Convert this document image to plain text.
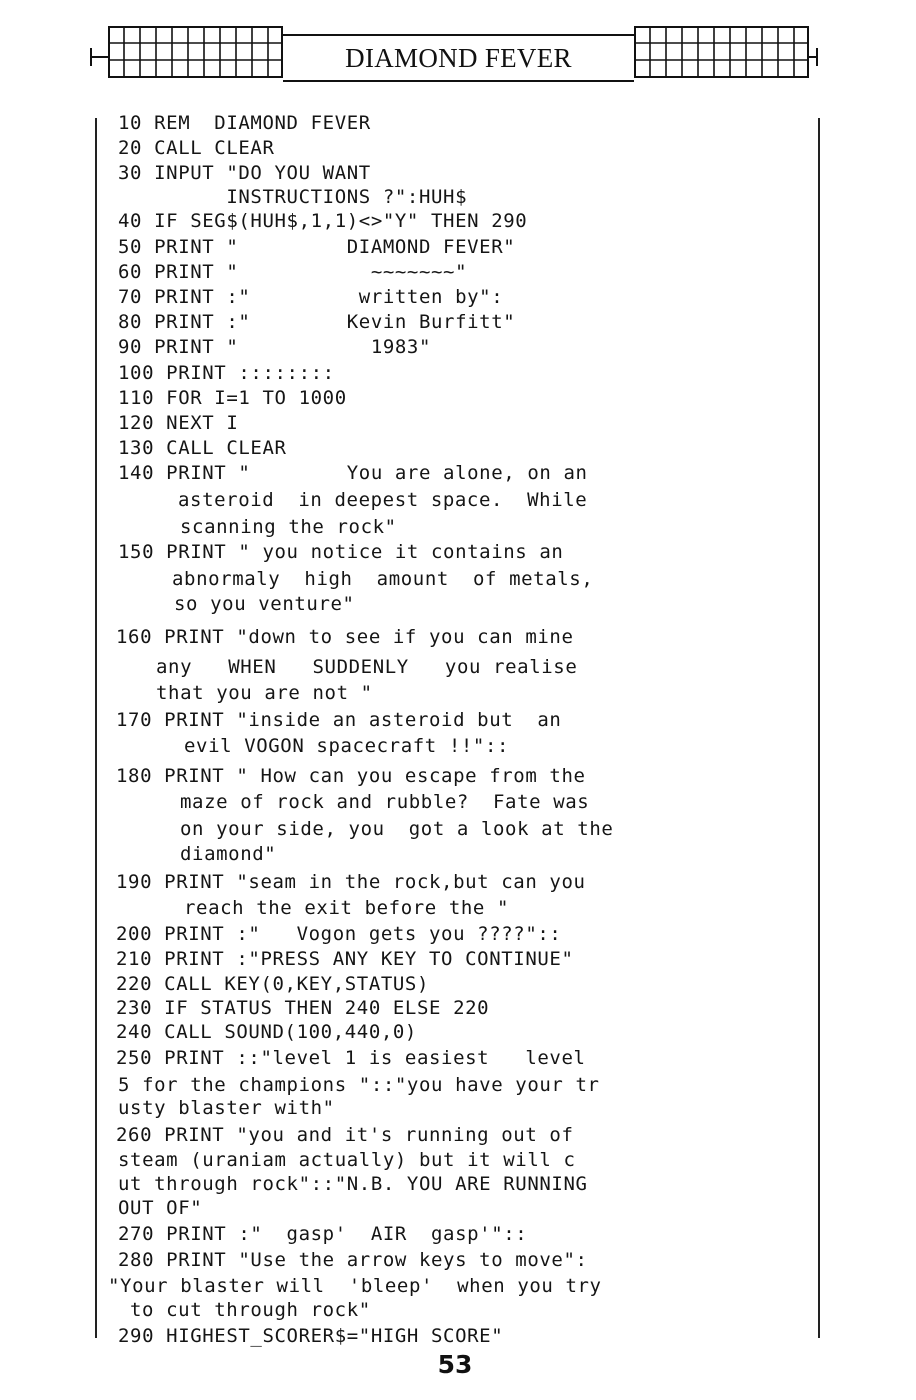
DIAMOND FEVER
10 REM  DIAMOND FEVER
20 CALL CLEAR
30 INPUT "DO YOU WANT
INSTRUCTIONS ?":HUH$
40 IF SEG$(HUH$,1,1)<>"Y" THEN 290
50 PRINT "         DIAMOND FEVER"
60 PRINT "           ~~~~~~~"
70 PRINT :"         written by":
80 PRINT :"        Kevin Burfitt"
90 PRINT "           1983"
100 PRINT ::::::::
110 FOR I=1 TO 1000
120 NEXT I
130 CALL CLEAR
140 PRINT "        You are alone, on an
asteroid  in deepest space.  While
scanning the rock"
150 PRINT " you notice it contains an
abnormaly  high  amount  of metals,
so you venture"
160 PRINT "down to see if you can mine
any   WHEN   SUDDENLY   you realise
that you are not "
170 PRINT "inside an asteroid but  an
evil VOGON spacecraft !!"::
180 PRINT " How can you escape from the
maze of rock and rubble?  Fate was
on your side, you  got a look at the
diamond"
190 PRINT "seam in the rock,but can you
reach the exit before the "
200 PRINT :"   Vogon gets you ????"::
210 PRINT :"PRESS ANY KEY TO CONTINUE"
220 CALL KEY(0,KEY,STATUS)
230 IF STATUS THEN 240 ELSE 220
240 CALL SOUND(100,440,0)
250 PRINT ::"level 1 is easiest   level
5 for the champions "::"you have your tr
usty blaster with"
260 PRINT "you and it's running out of
steam (uraniam actually) but it will c
ut through rock"::"N.B. YOU ARE RUNNING
OUT OF"
270 PRINT :"  gasp'  AIR  gasp'"::
280 PRINT "Use the arrow keys to move":
"Your blaster will  'bleep'  when you try
to cut through rock"
290 HIGHEST_SCORER$="HIGH SCORE"
53
